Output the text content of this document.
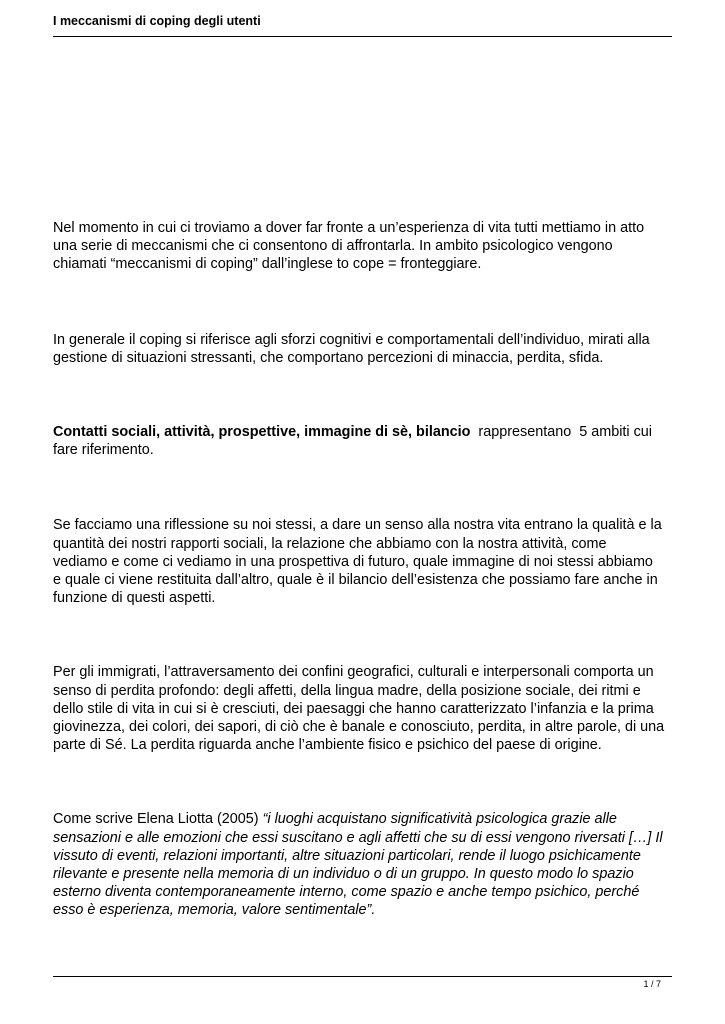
I meccanismi di coping degli utenti

Nel momento in cui ci troviamo a dover far fronte a un’esperienza di vita tutti mettiamo in atto
una serie di meccanismi che ci consentono di affrontarla. In ambito psicologico vengono
chiamati “meccanismi di coping” dall’inglese to cope = fronteggiare.

In generale il coping si riferisce agli sforzi cognitivi e comportamentali dell’individuo, mirati alla
gestione di situazioni stressanti, che comportano percezioni di minaccia, perdita, sfida.

Contatti sociali, attività, prospettive, immagine di sè, bilancio  rappresentano  5 ambiti cui
fare riferimento.

Se facciamo una riflessione su noi stessi, a dare un senso alla nostra vita entrano la qualità e la
quantità dei nostri rapporti sociali, la relazione che abbiamo con la nostra attività, come
vediamo e come ci vediamo in una prospettiva di futuro, quale immagine di noi stessi abbiamo
e quale ci viene restituita dall’altro, quale è il bilancio dell’esistenza che possiamo fare anche in
funzione di questi aspetti.

Per gli immigrati, l’attraversamento dei confini geografici, culturali e interpersonali comporta un
senso di perdita profondo: degli affetti, della lingua madre, della posizione sociale, dei ritmi e
dello stile di vita in cui si è cresciuti, dei paesaggi che hanno caratterizzato l’infanzia e la prima
giovinezza, dei colori, dei sapori, di ciò che è banale e conosciuto, perdita, in altre parole, di una
parte di Sé. La perdita riguarda anche l’ambiente fisico e psichico del paese di origine.

Come scrive Elena Liotta (2005) “i luoghi acquistano significatività psicologica grazie alle
sensazioni e alle emozioni che essi suscitano e agli affetti che su di essi vengono riversati […] Il
vissuto di eventi, relazioni importanti, altre situazioni particolari, rende il luogo psichicamente
rilevante e presente nella memoria di un individuo o di un gruppo. In questo modo lo spazio
esterno diventa contemporaneamente interno, come spazio e anche tempo psichico, perché
esso è esperienza, memoria, valore sentimentale”.

1 / 7
